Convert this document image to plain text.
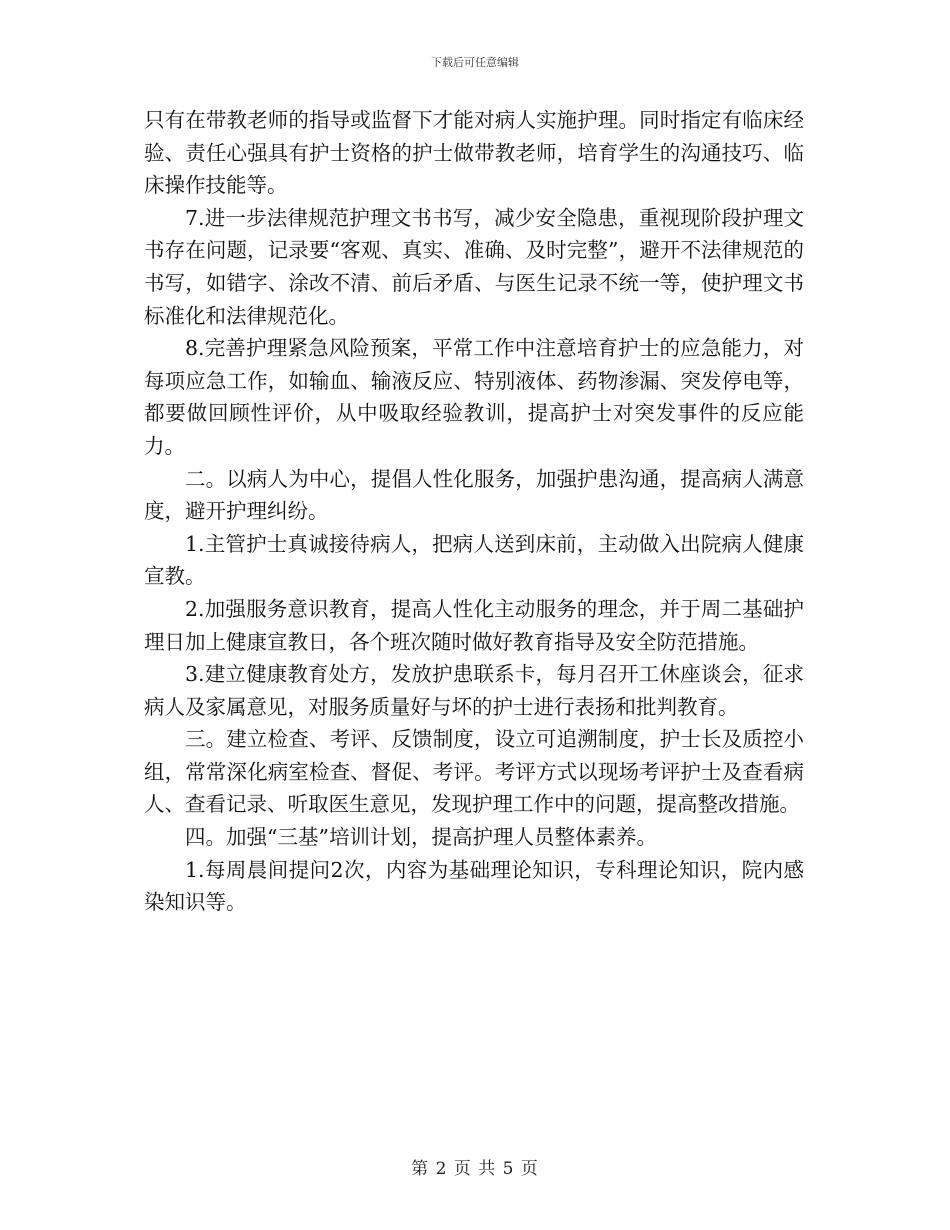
下载后可任意编辑

只有在带教老师的指导或监督下才能对病人实施护理。同时指定有临床经验、责任心强具有护士资格的护士做带教老师，培育学生的沟通技巧、临床操作技能等。

7.进一步法律规范护理文书书写，减少安全隐患，重视现阶段护理文书存在问题，记录要“客观、真实、准确、及时完整”，避开不法律规范的书写，如错字、涂改不清、前后矛盾、与医生记录不统一等，使护理文书标准化和法律规范化。

8.完善护理紧急风险预案，平常工作中注意培育护士的应急能力，对每项应急工作，如输血、输液反应、特别液体、药物渗漏、突发停电等，都要做回顾性评价，从中吸取经验教训，提高护士对突发事件的反应能力。

二。以病人为中心，提倡人性化服务，加强护患沟通，提高病人满意度，避开护理纠纷。

1.主管护士真诚接待病人，把病人送到床前，主动做入出院病人健康宣教。

2.加强服务意识教育，提高人性化主动服务的理念，并于周二基础护理日加上健康宣教日，各个班次随时做好教育指导及安全防范措施。

3.建立健康教育处方，发放护患联系卡，每月召开工休座谈会，征求病人及家属意见，对服务质量好与坏的护士进行表扬和批判教育。

三。建立检查、考评、反馈制度，设立可追溯制度，护士长及质控小组，常常深化病室检查、督促、考评。考评方式以现场考评护士及查看病人、查看记录、听取医生意见，发现护理工作中的问题，提高整改措施。

四。加强“三基”培训计划，提高护理人员整体素养。

1.每周晨间提问2次，内容为基础理论知识，专科理论知识，院内感染知识等。

第 2 页 共 5 页
